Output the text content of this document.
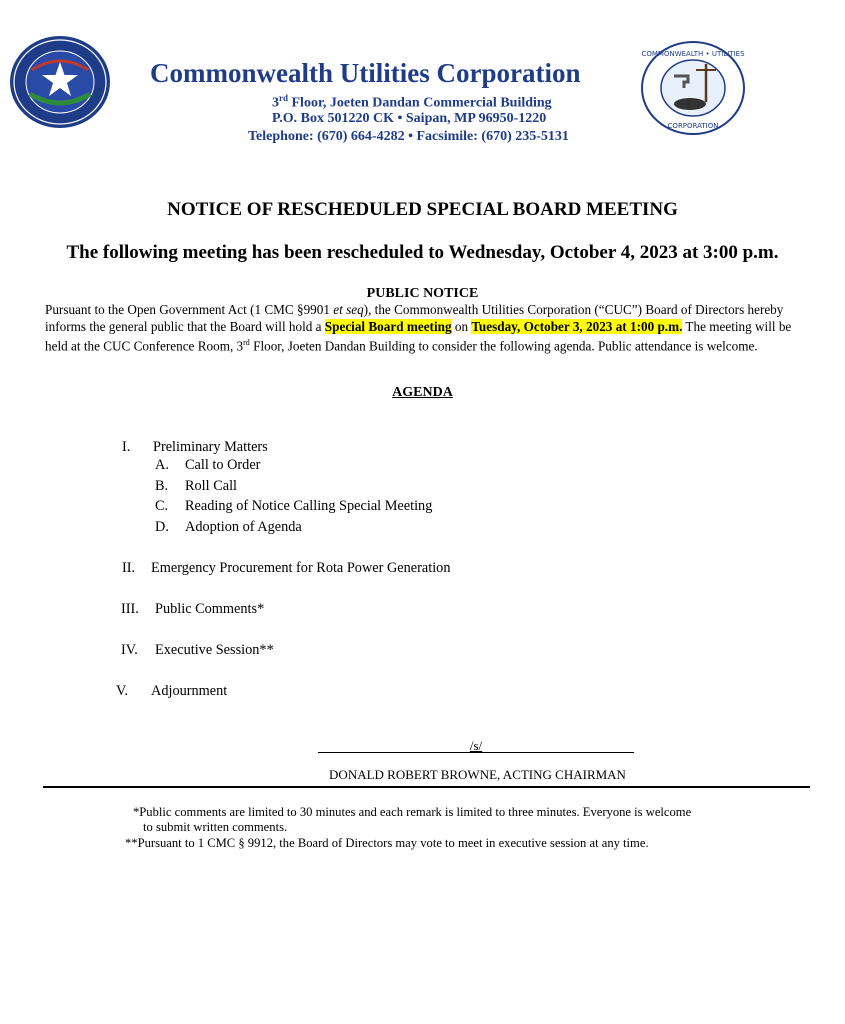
COMMONWEALTH • UTILITIES
CORPORATION
Commonwealth Utilities Corporation
3rd Floor, Joeten Dandan Commercial Building
P.O. Box 501220 CK • Saipan, MP 96950-1220
Telephone: (670) 664-4282 • Facsimile: (670) 235-5131
NOTICE OF RESCHEDULED SPECIAL BOARD MEETING
The following meeting has been rescheduled to Wednesday, October 4, 2023 at 3:00 p.m.
PUBLIC NOTICE
Pursuant to the Open Government Act (1 CMC §9901 et seq), the Commonwealth Utilities Corporation (“CUC”) Board of Directors hereby informs the general public that the Board will hold a Special Board meeting on Tuesday, October 3, 2023 at 1:00 p.m. The meeting will be held at the CUC Conference Room, 3rd Floor, Joeten Dandan Building to consider the following agenda. Public attendance is welcome.
AGENDA
I. Preliminary Matters
A. Call to Order
B. Roll Call
C. Reading of Notice Calling Special Meeting
D. Adoption of Agenda
II. Emergency Procurement for Rota Power Generation
III. Public Comments*
IV. Executive Session**
V. Adjournment
/s/
DONALD ROBERT BROWNE, ACTING CHAIRMAN
*Public comments are limited to 30 minutes and each remark is limited to three minutes. Everyone is welcome
to submit written comments.
**Pursuant to 1 CMC § 9912, the Board of Directors may vote to meet in executive session at any time.
